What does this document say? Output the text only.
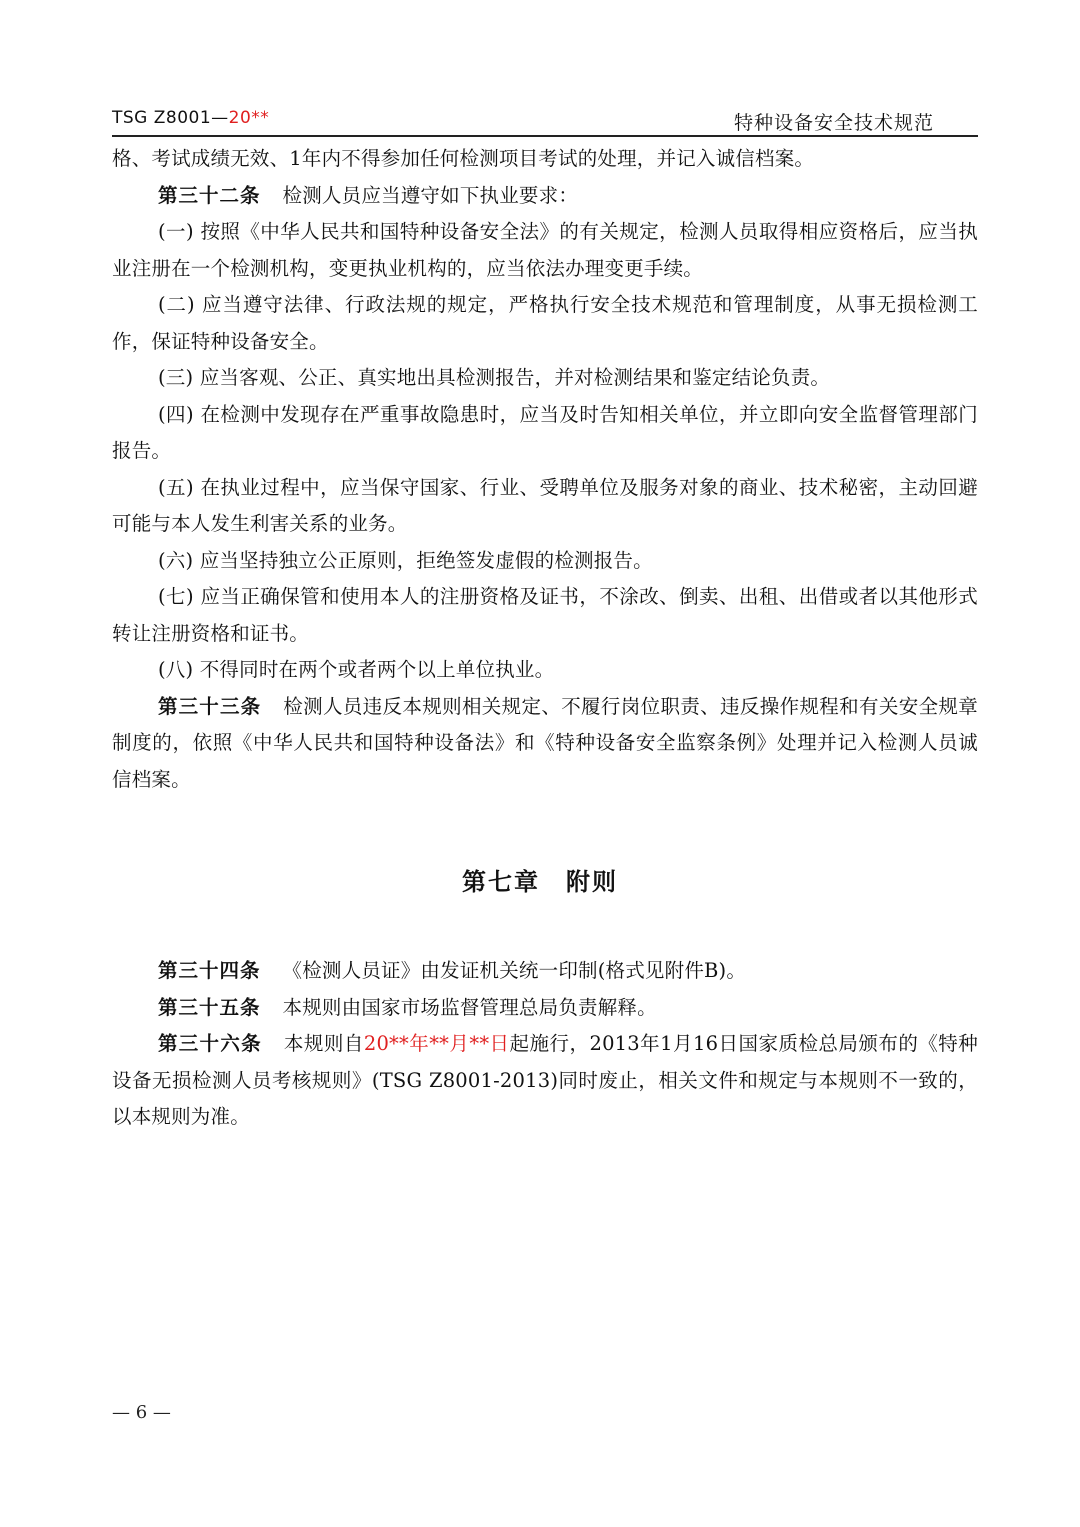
TSG Z8001—20**	特种设备安全技术规范

格、考试成绩无效、1年内不得参加任何检测项目考试的处理，并记入诚信档案。

第三十二条 检测人员应当遵守如下执业要求：

(一) 按照《中华人民共和国特种设备安全法》的有关规定，检测人员取得相应资格后，应当执业注册在一个检测机构，变更执业机构的，应当依法办理变更手续。

(二) 应当遵守法律、行政法规的规定，严格执行安全技术规范和管理制度，从事无损检测工作，保证特种设备安全。

(三) 应当客观、公正、真实地出具检测报告，并对检测结果和鉴定结论负责。

(四) 在检测中发现存在严重事故隐患时，应当及时告知相关单位，并立即向安全监督管理部门报告。

(五) 在执业过程中，应当保守国家、行业、受聘单位及服务对象的商业、技术秘密，主动回避可能与本人发生利害关系的业务。

(六) 应当坚持独立公正原则，拒绝签发虚假的检测报告。

(七) 应当正确保管和使用本人的注册资格及证书，不涂改、倒卖、出租、出借或者以其他形式转让注册资格和证书。

(八) 不得同时在两个或者两个以上单位执业。

第三十三条 检测人员违反本规则相关规定、不履行岗位职责、违反操作规程和有关安全规章制度的，依照《中华人民共和国特种设备法》和《特种设备安全监察条例》处理并记入检测人员诚信档案。

第七章 附则

第三十四条 《检测人员证》由发证机关统一印制(格式见附件B)。

第三十五条 本规则由国家市场监督管理总局负责解释。

第三十六条 本规则自20**年**月**日起施行，2013年1月16日国家质检总局颁布的《特种设备无损检测人员考核规则》(TSG Z8001-2013)同时废止，相关文件和规定与本规则不一致的，以本规则为准。

— 6 —
